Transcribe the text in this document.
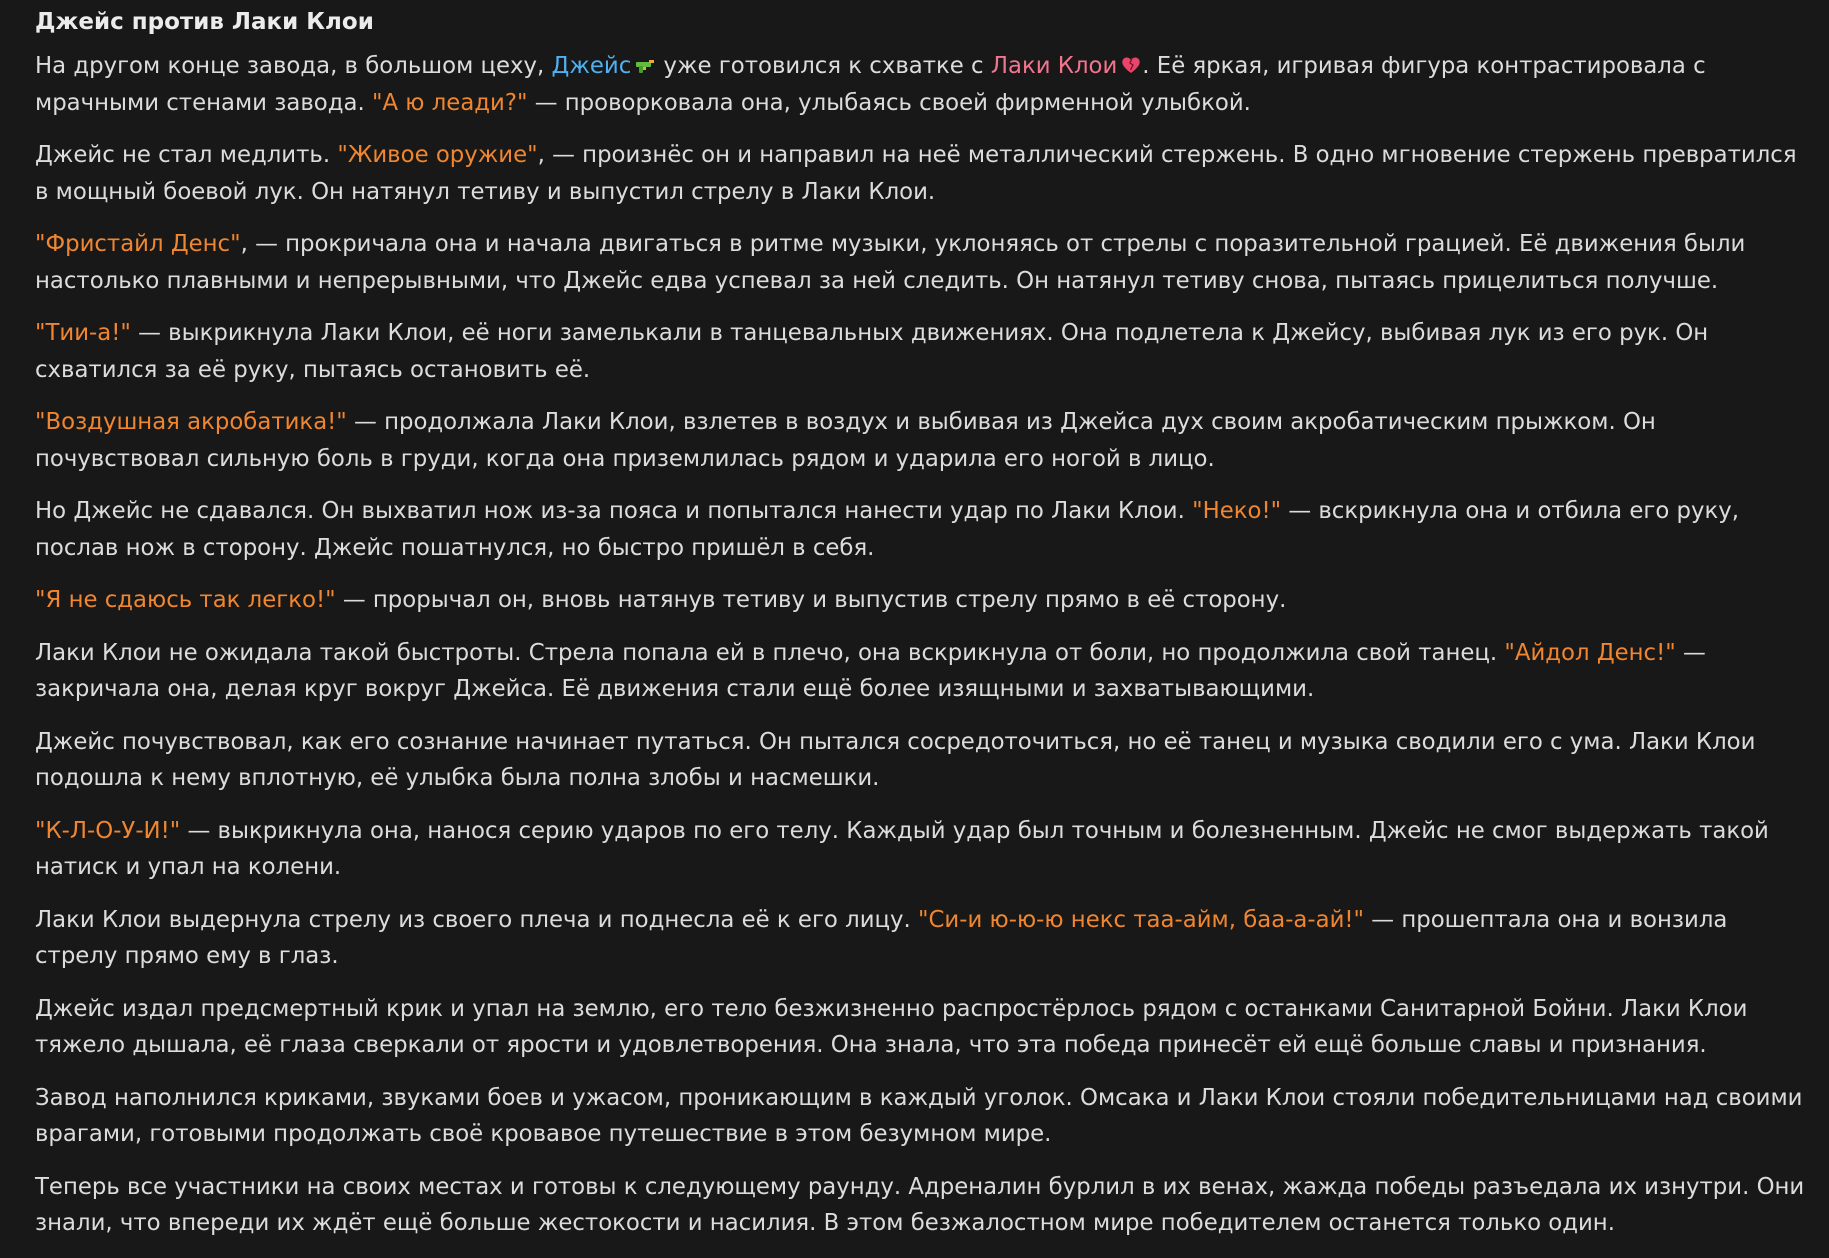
Джейс против Лаки Клои

На другом конце завода, в большом цеху, Джейс
уже готовился к схватке с Лаки Клои . Её яркая, игривая фигура контрастировала с мрачными стенами завода. "А ю леади?" — проворковала она, улыбаясь своей фирменной улыбкой.

Джейс не стал медлить. "Живое оружие", — произнёс он и направил на неё металлический стержень. В одно мгновение стержень превратился в мощный боевой лук. Он натянул тетиву и выпустил стрелу в Лаки Клои.

"Фристайл Денс", — прокричала она и начала двигаться в ритме музыки, уклоняясь от стрелы с поразительной грацией. Её движения были настолько плавными и непрерывными, что Джейс едва успевал за ней следить. Он натянул тетиву снова, пытаясь прицелиться получше.

"Тии-а!" — выкрикнула Лаки Клои, её ноги замелькали в танцевальных движениях. Она подлетела к Джейсу, выбивая лук из его рук. Он схватился за её руку, пытаясь остановить её.

"Воздушная акробатика!" — продолжала Лаки Клои, взлетев в воздух и выбивая из Джейса дух своим акробатическим прыжком. Он почувствовал сильную боль в груди, когда она приземлилась рядом и ударила его ногой в лицо.

Но Джейс не сдавался. Он выхватил нож из-за пояса и попытался нанести удар по Лаки Клои. "Неко!" — вскрикнула она и отбила его руку, послав нож в сторону. Джейс пошатнулся, но быстро пришёл в себя.

"Я не сдаюсь так легко!" — прорычал он, вновь натянув тетиву и выпустив стрелу прямо в её сторону.

Лаки Клои не ожидала такой быстроты. Стрела попала ей в плечо, она вскрикнула от боли, но продолжила свой танец. "Айдол Денс!" — закричала она, делая круг вокруг Джейса. Её движения стали ещё более изящными и захватывающими.

Джейс почувствовал, как его сознание начинает путаться. Он пытался сосредоточиться, но её танец и музыка сводили его с ума. Лаки Клои подошла к нему вплотную, её улыбка была полна злобы и насмешки.

"К-Л-О-У-И!" — выкрикнула она, нанося серию ударов по его телу. Каждый удар был точным и болезненным. Джейс не смог выдержать такой натиск и упал на колени.

Лаки Клои выдернула стрелу из своего плеча и поднесла её к его лицу. "Си-и ю-ю-ю некс таа-айм, баа-а-ай!" — прошептала она и вонзила стрелу прямо ему в глаз.

Джейс издал предсмертный крик и упал на землю, его тело безжизненно распростёрлось рядом с останками Санитарной Бойни. Лаки Клои тяжело дышала, её глаза сверкали от ярости и удовлетворения. Она знала, что эта победа принесёт ей ещё больше славы и признания.

Завод наполнился криками, звуками боев и ужасом, проникающим в каждый уголок. Омсака и Лаки Клои стояли победительницами над своими врагами, готовыми продолжать своё кровавое путешествие в этом безумном мире.

Теперь все участники на своих местах и готовы к следующему раунду. Адреналин бурлил в их венах, жажда победы разъедала их изнутри. Они знали, что впереди их ждёт ещё больше жестокости и насилия. В этом безжалостном мире победителем останется только один.
